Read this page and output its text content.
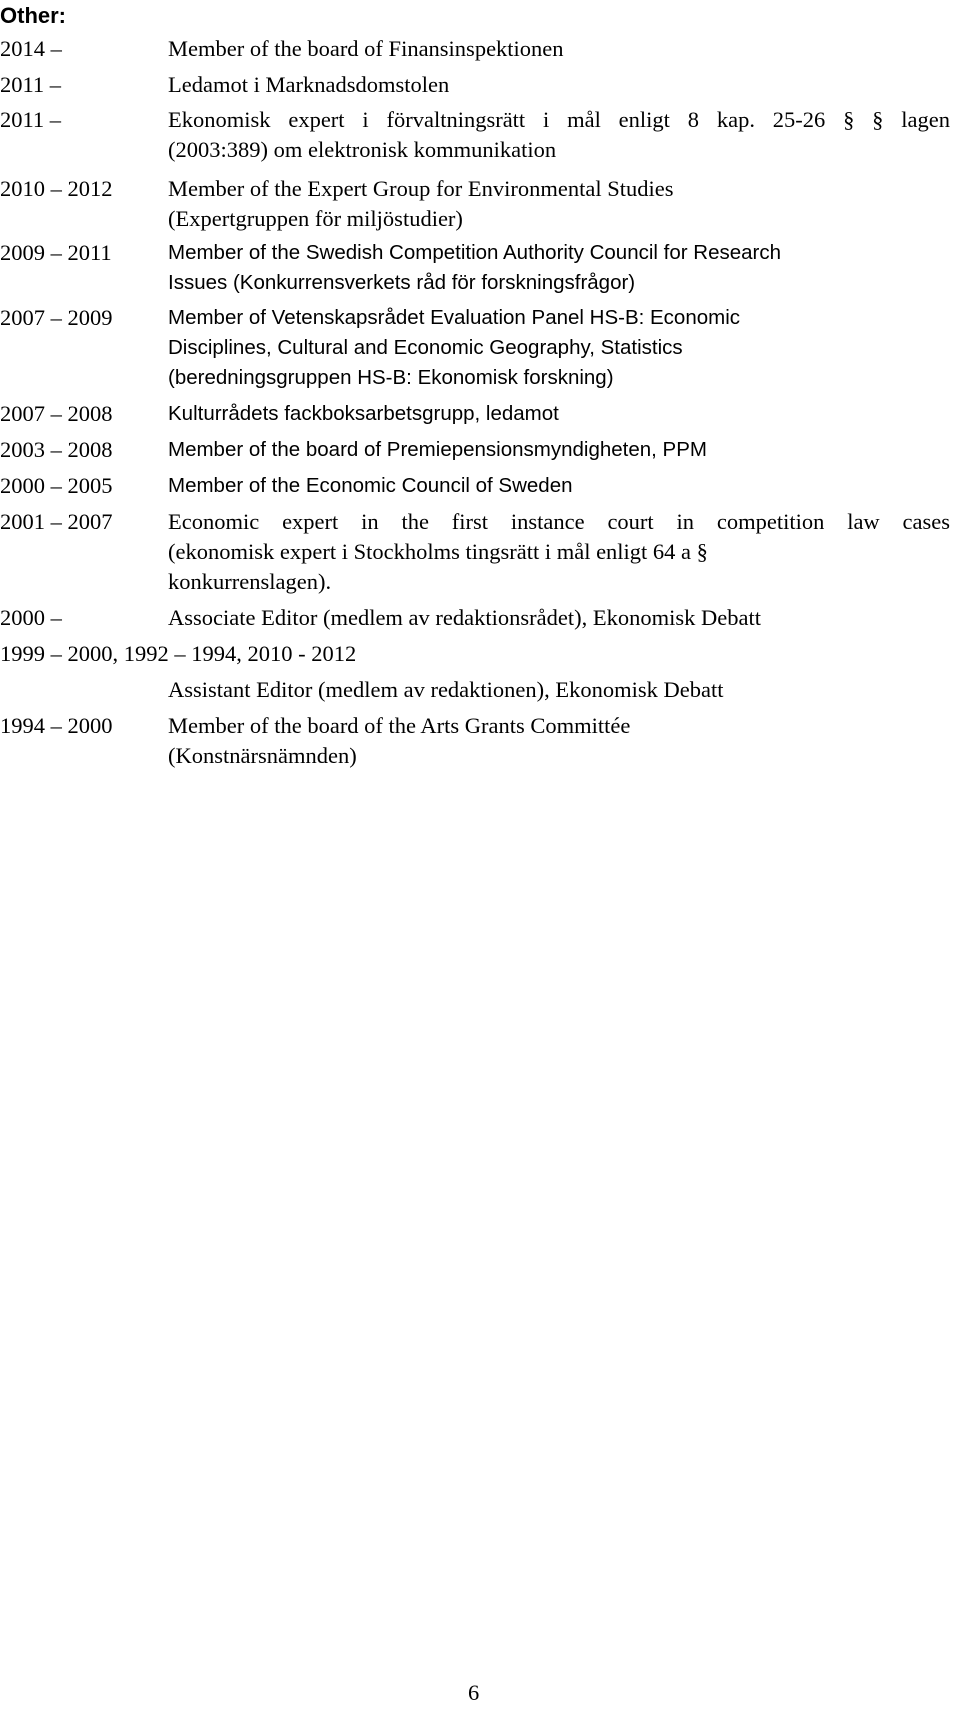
Other:
2014 –	Member of the board of Finansinspektionen
2011 –	Ledamot i Marknadsdomstolen
2011 –	Ekonomisk expert i förvaltningsrätt i mål enligt 8 kap. 25-26 § § lagen
(2003:389) om elektronisk kommunikation
2010 – 2012 Member of the Expert Group for Environmental Studies
(Expertgruppen för miljöstudier)
2009 – 2011	Member of the Swedish Competition Authority Council for Research
Issues (Konkurrensverkets råd för forskningsfrågor)
2007 – 2009	Member of Vetenskapsrådet Evaluation Panel HS-B: Economic
Disciplines, Cultural and Economic Geography, Statistics
(beredningsgruppen HS-B: Ekonomisk forskning)
2007 – 2008	Kulturrådets fackboksarbetsgrupp, ledamot
2003 – 2008	Member of the board of Premiepensionsmyndigheten, PPM
2000 – 2005	Member of the Economic Council of Sweden
2001 – 2007 Economic expert in the first instance court in competition law cases
(ekonomisk expert i Stockholms tingsrätt i mål enligt 64 a §
konkurrenslagen).
2000 –	Associate Editor (medlem av redaktionsrådet), Ekonomisk Debatt
1999 – 2000, 1992 – 1994, 2010 - 2012
Assistant Editor (medlem av redaktionen), Ekonomisk Debatt
1994 – 2000 Member of the board of the Arts Grants Committée
(Konstnärsnämnden)
6
